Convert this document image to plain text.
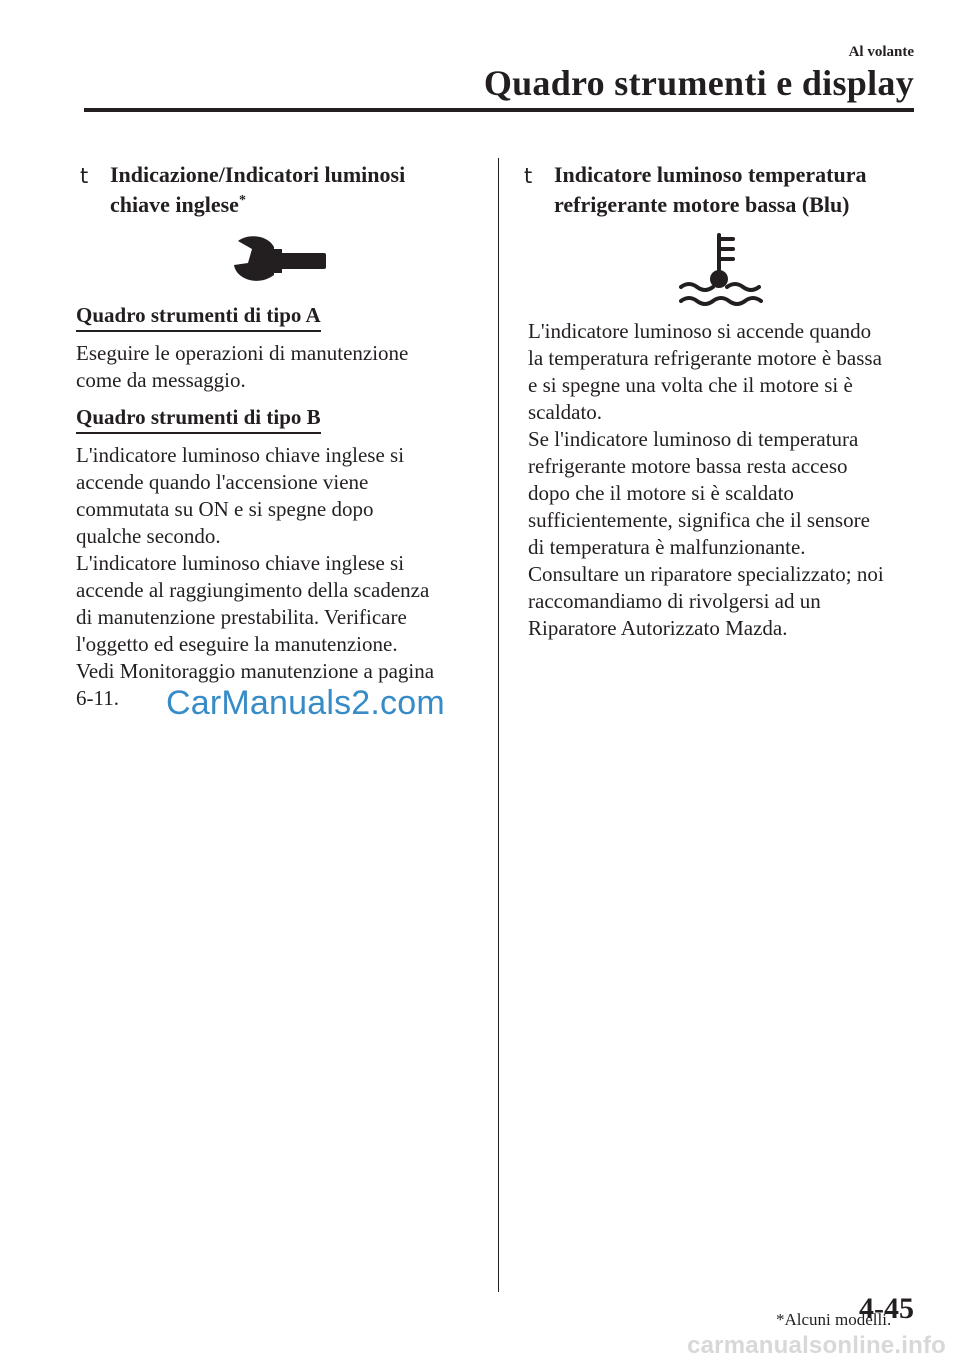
Al volante
Quadro strumenti e display
t Indicazione/Indicatori luminosi
chiave inglese*
Quadro strumenti di tipo A

Eseguire le operazioni di manutenzione
come da messaggio.

Quadro strumenti di tipo B

L'indicatore luminoso chiave inglese si
accende quando l'accensione viene
commutata su ON e si spegne dopo
qualche secondo.

L'indicatore luminoso chiave inglese si
accende al raggiungimento della scadenza
di manutenzione prestabilita. Verificare
l'oggetto ed eseguire la manutenzione.
Vedi Monitoraggio manutenzione a pagina
6-11.

t Indicatore luminoso temperatura
refrigerante motore bassa (Blu)

L'indicatore luminoso si accende quando
la temperatura refrigerante motore è bassa
e si spegne una volta che il motore si è
scaldato.

Se l'indicatore luminoso di temperatura
refrigerante motore bassa resta acceso
dopo che il motore si è scaldato
sufficientemente, significa che il sensore
di temperatura è malfunzionante.
Consultare un riparatore specializzato; noi
raccomandiamo di rivolgersi ad un
Riparatore Autorizzato Mazda.

CarManuals2.com
*Alcuni modelli.
4-45
carmanualsonline.info
